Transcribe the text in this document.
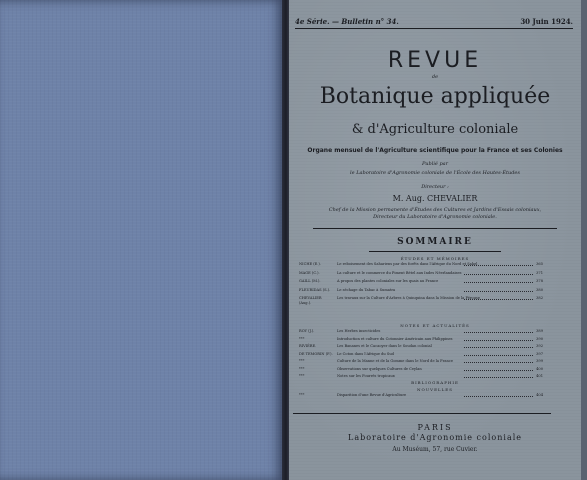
4e Série. — Bulletin n° 34.	30 Juin 1924.
REVUE
de
Botanique appliquée
& d'Agriculture coloniale
Organe mensuel de l'Agriculture scientifique pour la France et ses Colonies
Publié par
le Laboratoire d'Agronomie coloniale de l'École des Hautes-Études
Directeur :
M. Aug. CHEVALIER
Chef de la Mission permanente d'Études des Cultures et Jardins d'Essais coloniaux,
Directeur du Laboratoire d'Agronomie coloniale.
SOMMAIRE
ÉTUDES ET MÉMOIRES
NICHE (E.).	Le reboisement des Sahariens par des forêts dans l'Afrique du Nord et Sahel	365
MAGE (C.).	La culture et le commerce du Piment Bétel aux Indes Néerlandaises	371
GAILL (M.).	A propos des plantes coloniales sur les quais au France	378
FLEURIDAS (S.).	Le séchage du Tabac à Sumatra	380
CHEVALIER (Aug.).
Les travaux sur la Culture d'Arbres à Quinquina dans la Mission de la Pérouse	382
NOTES ET ACTUALITÉS
ROY (J.).	Les Herbes insecticides	389
***	Introduction et culture du Cotonnier Américain aux Philippines	390
RIVIÈRE.	Les Bananes et le Cacaoyer dans le Soudan colonial	392
DE TEMORIN (F.).	Le Coton dans l'Afrique du Sud	397
***	Culture de la Manne et de la Gomme dans le Nord de la France	399
***	Observations sur quelques Cultures de Ceylan	400
***	Notes sur les Fourrés tropicaux	401
BIBLIOGRAPHIE
NOUVELLES
***	Disparition d'une Revue d'Agriculture	404
PARIS
Laboratoire d'Agronomie coloniale
Au Muséum, 57, rue Cuvier.
